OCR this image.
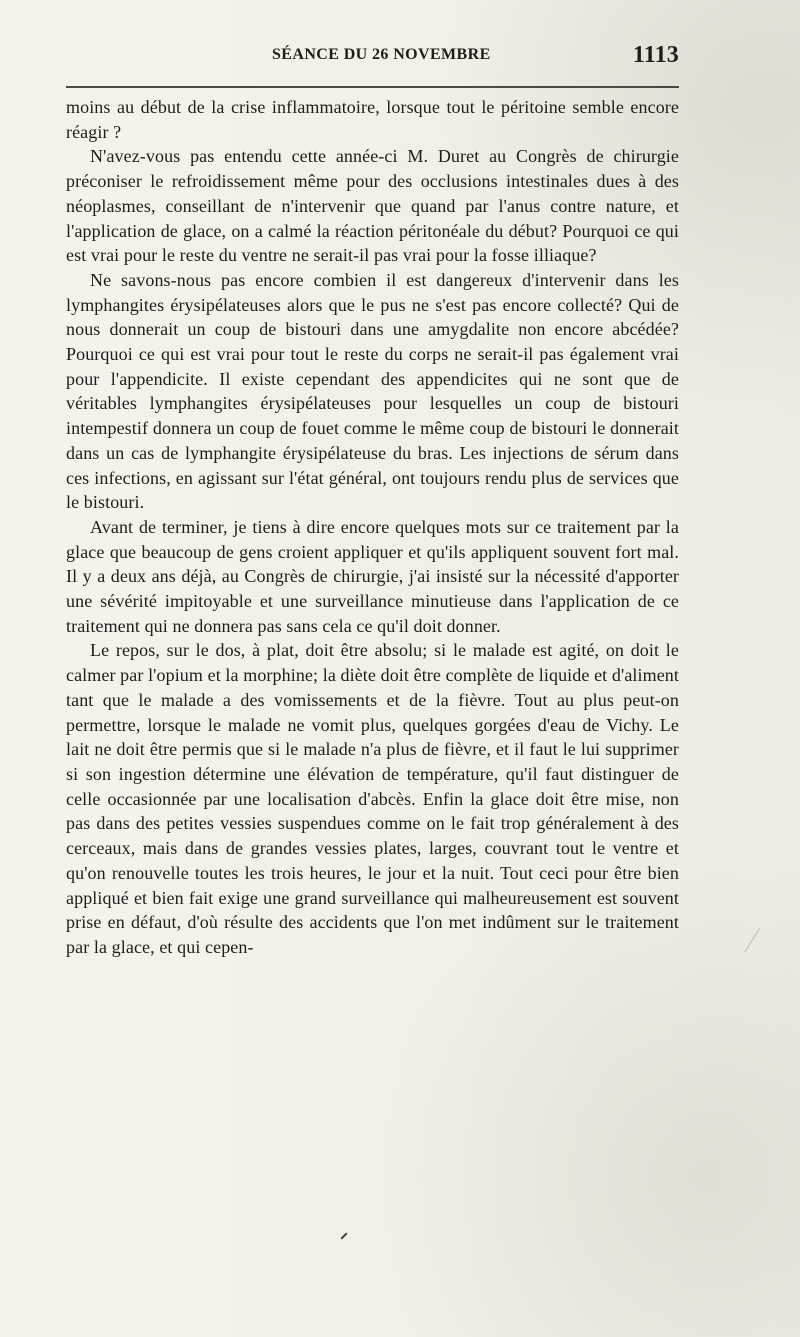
SÉANCE DU 26 NOVEMBRE	1113

moins au début de la crise inflammatoire, lorsque tout le péritoine semble encore réagir ?

N'avez-vous pas entendu cette année-ci M. Duret au Congrès de chirurgie préconiser le refroidissement même pour des occlusions intestinales dues à des néoplasmes, conseillant de n'intervenir que quand par l'anus contre nature, et l'application de glace, on a calmé la réaction péritonéale du début? Pourquoi ce qui est vrai pour le reste du ventre ne serait-il pas vrai pour la fosse illiaque?

Ne savons-nous pas encore combien il est dangereux d'intervenir dans les lymphangites érysipélateuses alors que le pus ne s'est pas encore collecté? Qui de nous donnerait un coup de bistouri dans une amygdalite non encore abcédée? Pourquoi ce qui est vrai pour tout le reste du corps ne serait-il pas également vrai pour l'appendicite. Il existe cependant des appendicites qui ne sont que de véritables lymphangites érysipélateuses pour lesquelles un coup de bistouri intempestif donnera un coup de fouet comme le même coup de bistouri le donnerait dans un cas de lymphangite érysipélateuse du bras. Les injections de sérum dans ces infections, en agissant sur l'état général, ont toujours rendu plus de services que le bistouri.

Avant de terminer, je tiens à dire encore quelques mots sur ce traitement par la glace que beaucoup de gens croient appliquer et qu'ils appliquent souvent fort mal. Il y a deux ans déjà, au Congrès de chirurgie, j'ai insisté sur la nécessité d'apporter une sévérité impitoyable et une surveillance minutieuse dans l'application de ce traitement qui ne donnera pas sans cela ce qu'il doit donner.

Le repos, sur le dos, à plat, doit être absolu; si le malade est agité, on doit le calmer par l'opium et la morphine; la diète doit être complète de liquide et d'aliment tant que le malade a des vomissements et de la fièvre. Tout au plus peut-on permettre, lorsque le malade ne vomit plus, quelques gorgées d'eau de Vichy. Le lait ne doit être permis que si le malade n'a plus de fièvre, et il faut le lui supprimer si son ingestion détermine une élévation de température, qu'il faut distinguer de celle occasionnée par une localisation d'abcès. Enfin la glace doit être mise, non pas dans des petites vessies suspendues comme on le fait trop généralement à des cerceaux, mais dans de grandes vessies plates, larges, couvrant tout le ventre et qu'on renouvelle toutes les trois heures, le jour et la nuit. Tout ceci pour être bien appliqué et bien fait exige une grand surveillance qui malheureusement est souvent prise en défaut, d'où résulte des accidents que l'on met indûment sur le traitement par la glace, et qui cepen-
